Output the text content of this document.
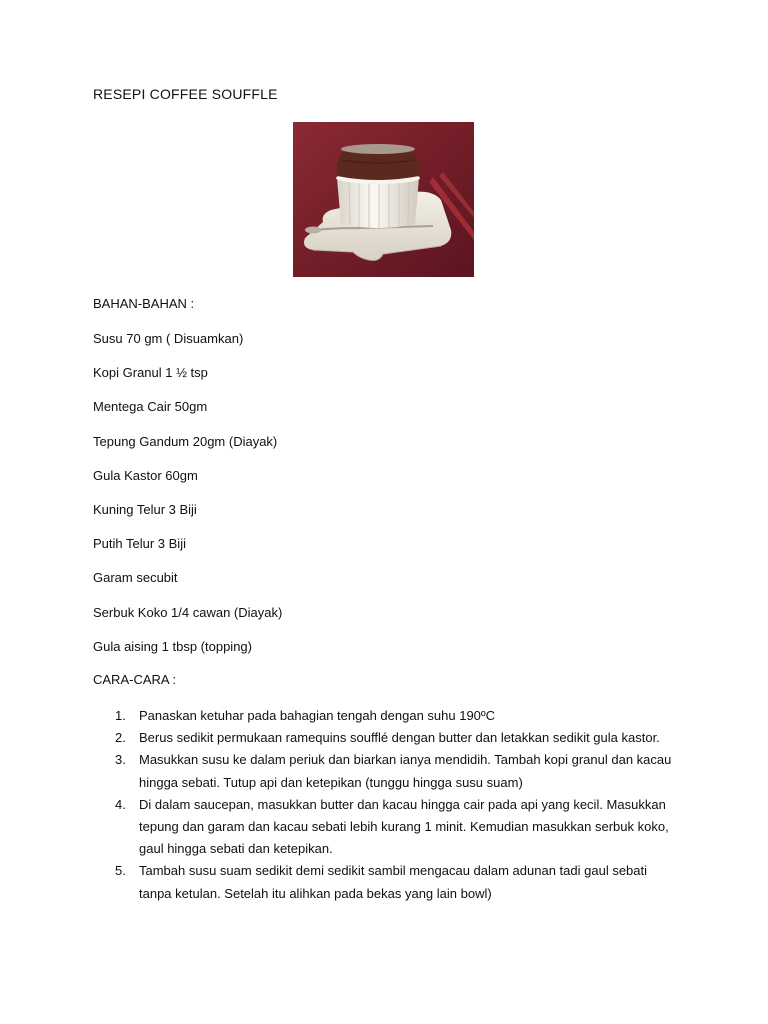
RESEPI COFFEE SOUFFLE
BAHAN-BAHAN :
Susu 70 gm ( Disuamkan)
Kopi Granul 1 ½ tsp
Mentega Cair 50gm
Tepung Gandum 20gm (Diayak)
Gula Kastor 60gm
Kuning Telur 3 Biji
Putih Telur 3 Biji
Garam secubit
Serbuk Koko 1/4 cawan (Diayak)
Gula aising 1 tbsp (topping)
CARA-CARA :
1. Panaskan ketuhar pada bahagian tengah dengan suhu 190ºC
2. Berus sedikit permukaan ramequins soufflé dengan butter dan letakkan sedikit gula kastor.
3. Masukkan susu ke dalam periuk dan biarkan ianya mendidih. Tambah kopi granul dan kacau hingga sebati. Tutup api dan ketepikan (tunggu hingga susu suam)
4. Di dalam saucepan, masukkan butter dan kacau hingga cair pada api yang kecil. Masukkan tepung dan garam dan kacau sebati lebih kurang 1 minit. Kemudian masukkan serbuk koko, gaul hingga sebati dan ketepikan.
5. Tambah susu suam sedikit demi sedikit sambil mengacau dalam adunan tadi gaul sebati tanpa ketulan. Setelah itu alihkan pada bekas yang lain bowl)
